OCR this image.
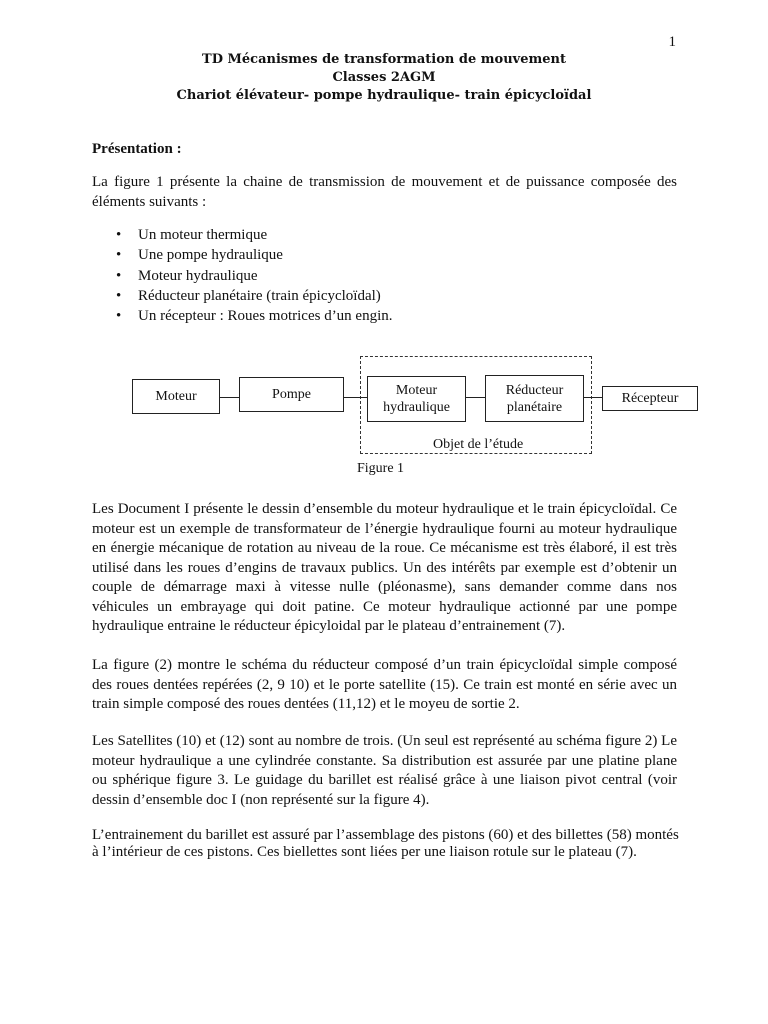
1
TD Mécanismes de transformation de mouvement
Classes 2AGM
Chariot élévateur- pompe hydraulique- train épicycloïdal
Présentation :

La figure 1 présente la chaine de transmission de mouvement et de puissance composée des éléments suivants :

• Un moteur thermique
• Une pompe hydraulique
• Moteur hydraulique
• Réducteur planétaire (train épicycloïdal)
• Un récepteur : Roues motrices d’un engin.
Moteur	Pompe	Moteur
hydraulique
Réducteur
planétaire
Récepteur
Objet de l’étude
Figure 1

Les Document I présente le dessin d’ensemble du moteur hydraulique et le train épicycloïdal. Ce moteur est un exemple de transformateur de l’énergie hydraulique fourni au moteur hydraulique en énergie mécanique de rotation au niveau de la roue. Ce mécanisme est très élaboré, il est très utilisé dans les roues d’engins de travaux publics. Un des intérêts par exemple est d’obtenir un couple de démarrage maxi à vitesse nulle (pléonasme), sans demander comme dans nos véhicules un embrayage qui doit patine. Ce moteur hydraulique actionné par une pompe hydraulique entraine le réducteur épicyloidal par le plateau d’entrainement (7).

La figure (2) montre le schéma du réducteur composé d’un train épicycloïdal simple composé des roues dentées repérées (2, 9 10) et le porte satellite (15). Ce train est monté en série avec un train simple composé des roues dentées (11,12) et le moyeu de sortie 2.

Les Satellites (10) et (12) sont au nombre de trois. (Un seul est représenté au schéma figure 2) Le moteur hydraulique a une cylindrée constante. Sa distribution est assurée par une platine plane ou sphérique figure 3. Le guidage du barillet est réalisé grâce à une liaison pivot central (voir dessin d’ensemble doc I (non représenté sur la figure 4).

L’entrainement du barillet est assuré par l’assemblage des pistons (60) et des billettes (58) montés à l’intérieur de ces pistons. Ces biellettes sont liées per une liaison rotule sur le plateau (7).
